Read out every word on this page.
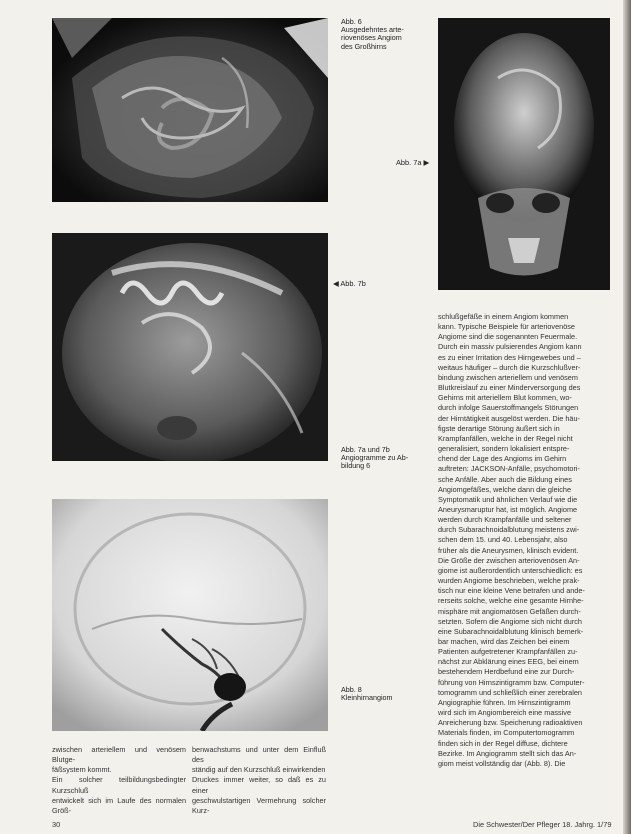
Abb. 6
Ausgedehntes arte-
riovenöses Angiom
des Großhirns
Abb. 7a ▶
◀ Abb. 7b
Abb. 7a und 7b
Angiogramme zu Ab-
bildung 6
Abb. 8
Kleinhirnangiom
schlußgefäße in einem Angiom kommen
kann. Typische Beispiele für arteriovenöse
Angiome sind die sogenannten Feuermale.
Durch ein massiv pulsierendes Angiom kann
es zu einer Irritation des Hirngewebes und –
weitaus häufiger – durch die Kurzschlußver-
bindung zwischen arteriellem und venösem
Blutkreislauf zu einer Minderversorgung des
Gehirns mit arteriellem Blut kommen, wo-
durch infolge Sauerstoffmangels Störungen
der Hirntätigkeit ausgelöst werden. Die häu-
figste derartige Störung äußert sich in
Krampfanfällen, welche in der Regel nicht
generalisiert, sondern lokalisiert entspre-
chend der Lage des Angioms im Gehirn
auftreten: JACKSON-Anfälle, psychomotori-
sche Anfälle. Aber auch die Bildung eines
Angiomgefäßes, welche dann die gleiche
Symptomatik und ähnlichen Verlauf wie die
Aneurysmaruptur hat, ist möglich. Angiome
werden durch Krampfanfälle und seltener
durch Subarachnoidalblutung meistens zwi-
schen dem 15. und 40. Lebensjahr, also
früher als die Aneurysmen, klinisch evident.
Die Größe der zwischen arteriovenösen An-
giome ist außerordentlich unterschiedlich: es
wurden Angiome beschrieben, welche prak-
tisch nur eine kleine Vene betrafen und ande-
rerseits solche, welche eine gesamte Hirnhe-
misphäre mit angiomatösen Gefäßen durch-
setzten. Sofern die Angiome sich nicht durch
eine Subarachnoidalblutung klinisch bemerk-
bar machen, wird das Zeichen bei einem
Patienten aufgetretener Krampfanfällen zu-
nächst zur Abklärung eines EEG, bei einem
bestehendem Herdbefund eine zur Durch-
führung von Hirnszintigramm bzw. Computer-
tomogramm und schließlich einer zerebralen
Angiographie führen. Im Hirnszintigramm
wird sich im Angiombereich eine massive
Anreicherung bzw. Speicherung radioaktiven
Materials finden, im Computertomogramm
finden sich in der Regel diffuse, dichtere
Bezirke. Im Angiogramm stellt sich das An-
giom meist vollständig dar (Abb. 8). Die
zwischen arteriellem und venösem Blutge-
fäßsystem kommt.
Ein solcher teilbildungsbedingter Kurzschluß
entwickelt sich im Laufe des normalen Größ-
benwachstums und unter dem Einfluß des
ständig auf den Kurzschluß einwirkenden
Druckes immer weiter, so daß es zu einer
geschwulstartigen Vermehrung solcher Kurz-
30	Die Schwester/Der Pfleger 18. Jahrg. 1/79
